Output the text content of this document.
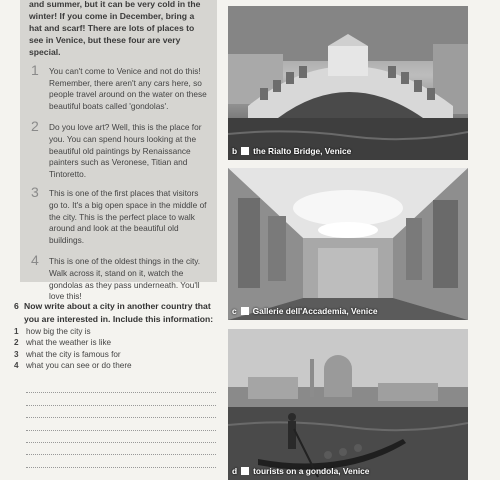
and summer, but it can be very cold in the winter! If you come in December, bring a hat and scarf! There are lots of places to see in Venice, but these four are very special.

1 You can't come to Venice and not do this! Remember, there aren't any cars here, so people travel around on the water on these beautiful boats called 'gondolas'.
2 Do you love art? Well, this is the place for you. You can spend hours looking at the beautiful old paintings by Renaissance painters such as Veronese, Titian and Tintoretto.
3 This is one of the first places that visitors go to. It's a big open space in the middle of the city. This is the perfect place to walk around and look at the beautiful old buildings.
4 This is one of the oldest things in the city. Walk across it, stand on it, watch the gondolas as they pass underneath. You'll love this!

6 Now write about a city in another country that you are interested in. Include this information:

1 how big the city is
2 what the weather is like
3 what the city is famous for
4 what you can see or do there
b the Rialto Bridge, Venice
c Gallerie dell'Accademia, Venice
d tourists on a gondola, Venice
